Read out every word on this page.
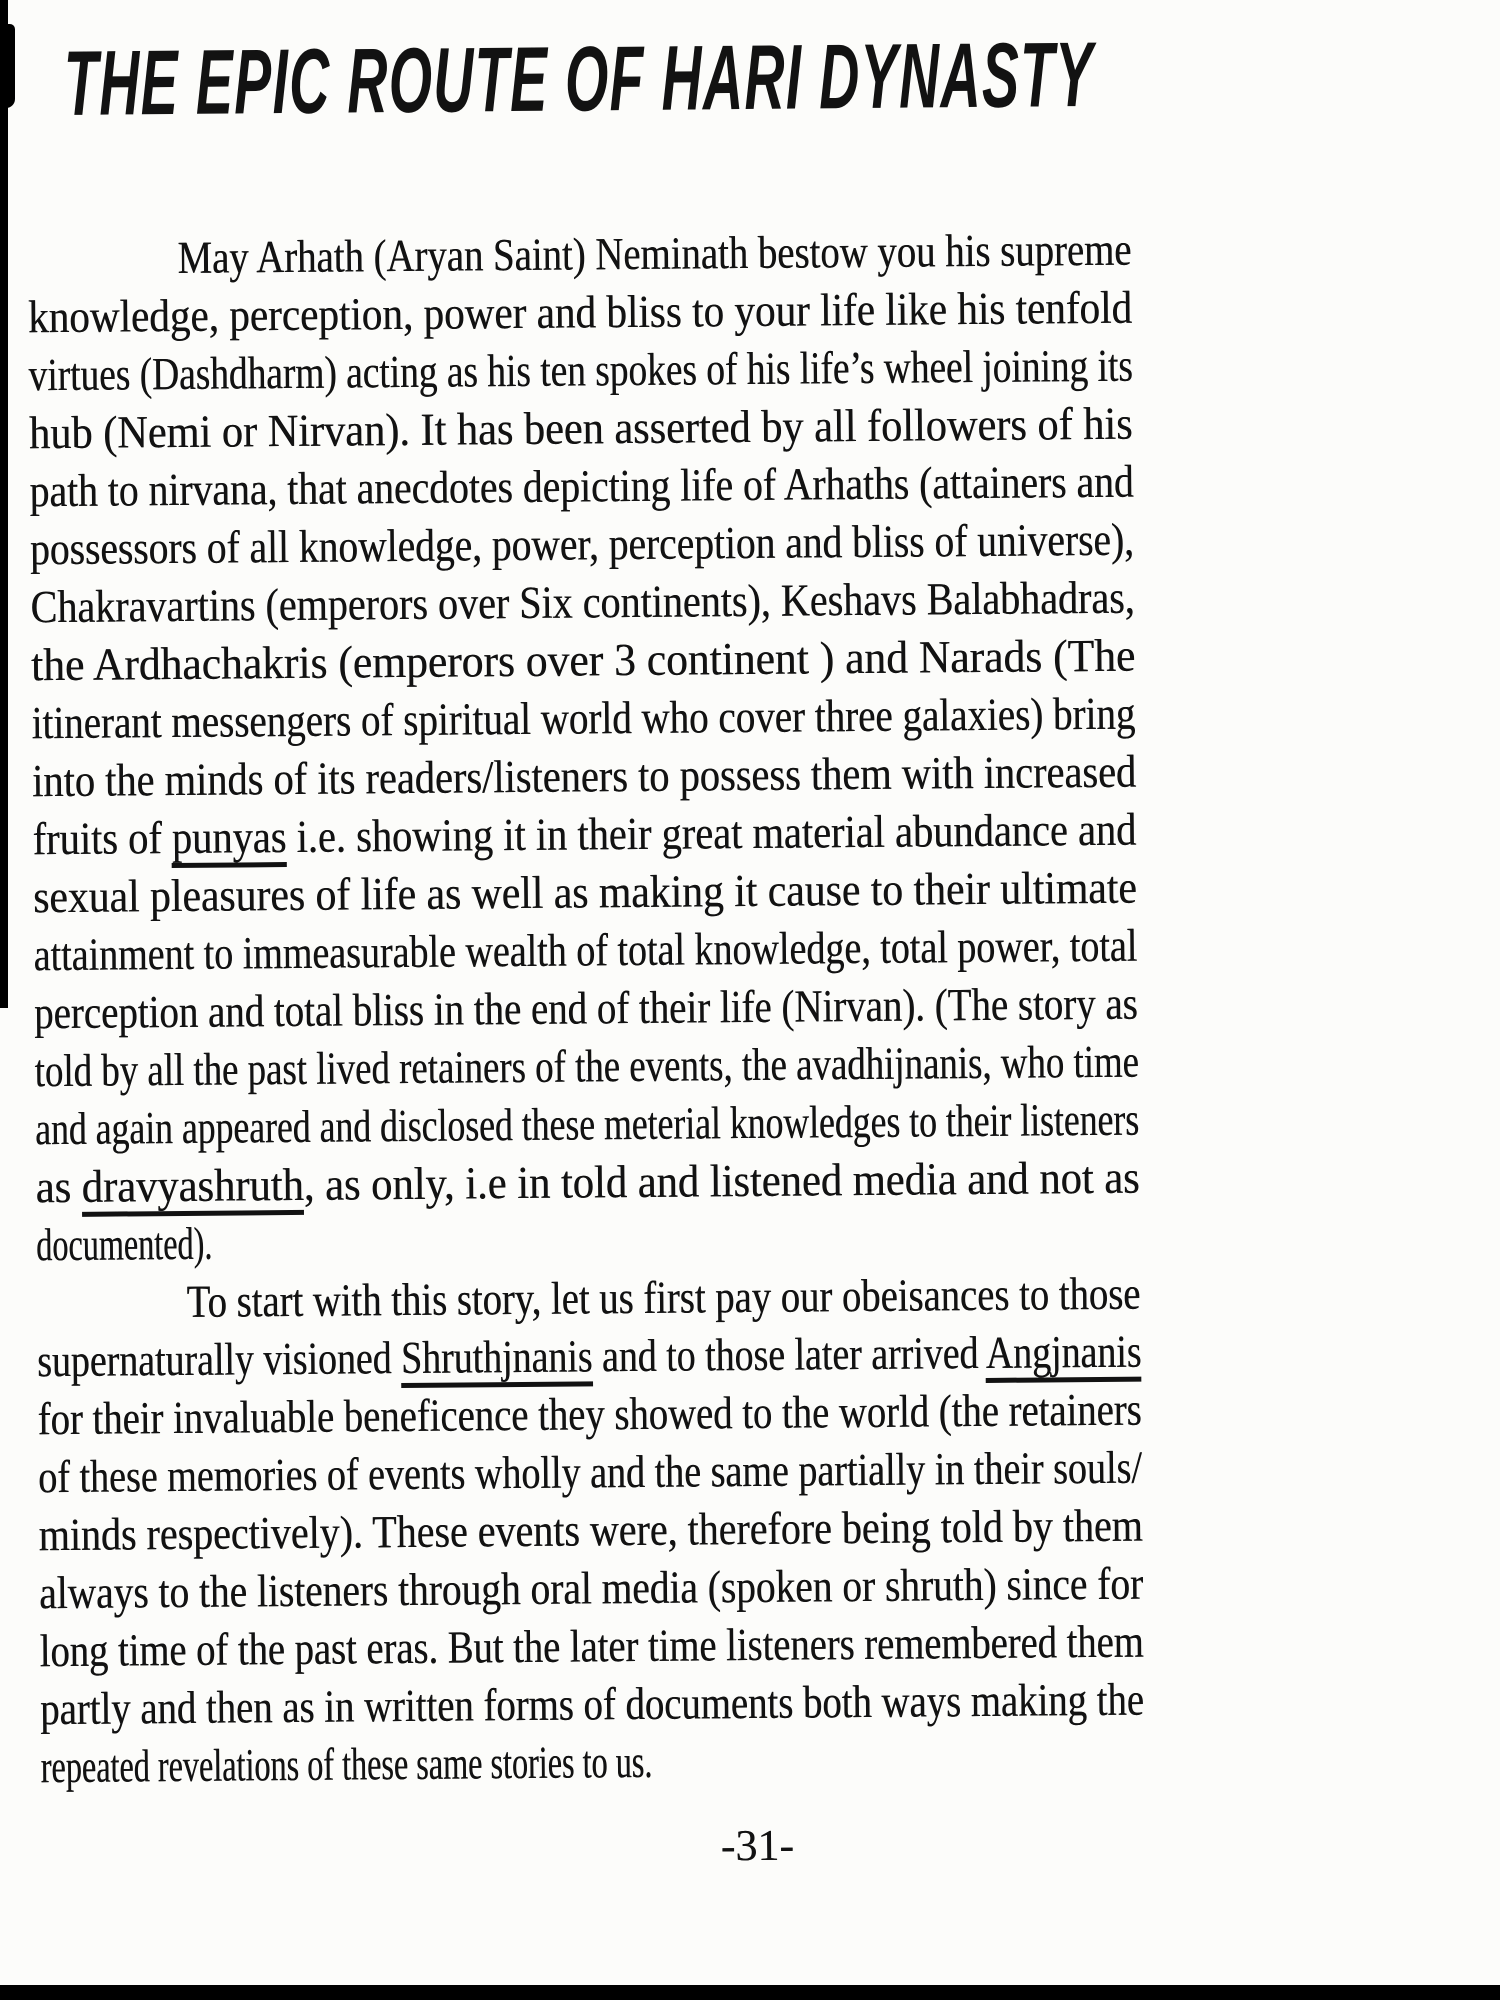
THE EPIC ROUTE OF HARI DYNASTY
May Arhath (Aryan Saint) Neminath bestow you his supreme
knowledge, perception, power and bliss to your life like his tenfold
virtues (Dashdharm) acting as his ten spokes of his life’s wheel joining its
hub (Nemi or Nirvan). It has been asserted by all followers of his
path to nirvana, that anecdotes depicting life of Arhaths (attainers and
possessors of all knowledge, power, perception and bliss of universe),
Chakravartins (emperors over Six continents), Keshavs Balabhadras,
the Ardhachakris (emperors over 3 continent ) and Narads (The
itinerant messengers of spiritual world who cover three galaxies) bring
into the minds of its readers/listeners to possess them with increased
fruits of punyas i.e. showing it in their great material abundance and
sexual pleasures of life as well as making it cause to their ultimate
attainment to immeasurable wealth of total knowledge, total power, total
perception and total bliss in the end of their life (Nirvan). (The story as
told by all the past lived retainers of the events, the avadhijnanis, who time
and again appeared and disclosed these meterial knowledges to their listeners
as dravyashruth, as only, i.e in told and listened media and not as
documented).
To start with this story, let us first pay our obeisances to those
supernaturally visioned Shruthjnanis and to those later arrived Angjnanis
for their invaluable beneficence they showed to the world (the retainers
of these memories of events wholly and the same partially in their souls/
minds respectively). These events were, therefore being told by them
always to the listeners through oral media (spoken or shruth) since for
long time of the past eras. But the later time listeners remembered them
partly and then as in written forms of documents both ways making the
repeated revelations of these same stories to us.
-31-
